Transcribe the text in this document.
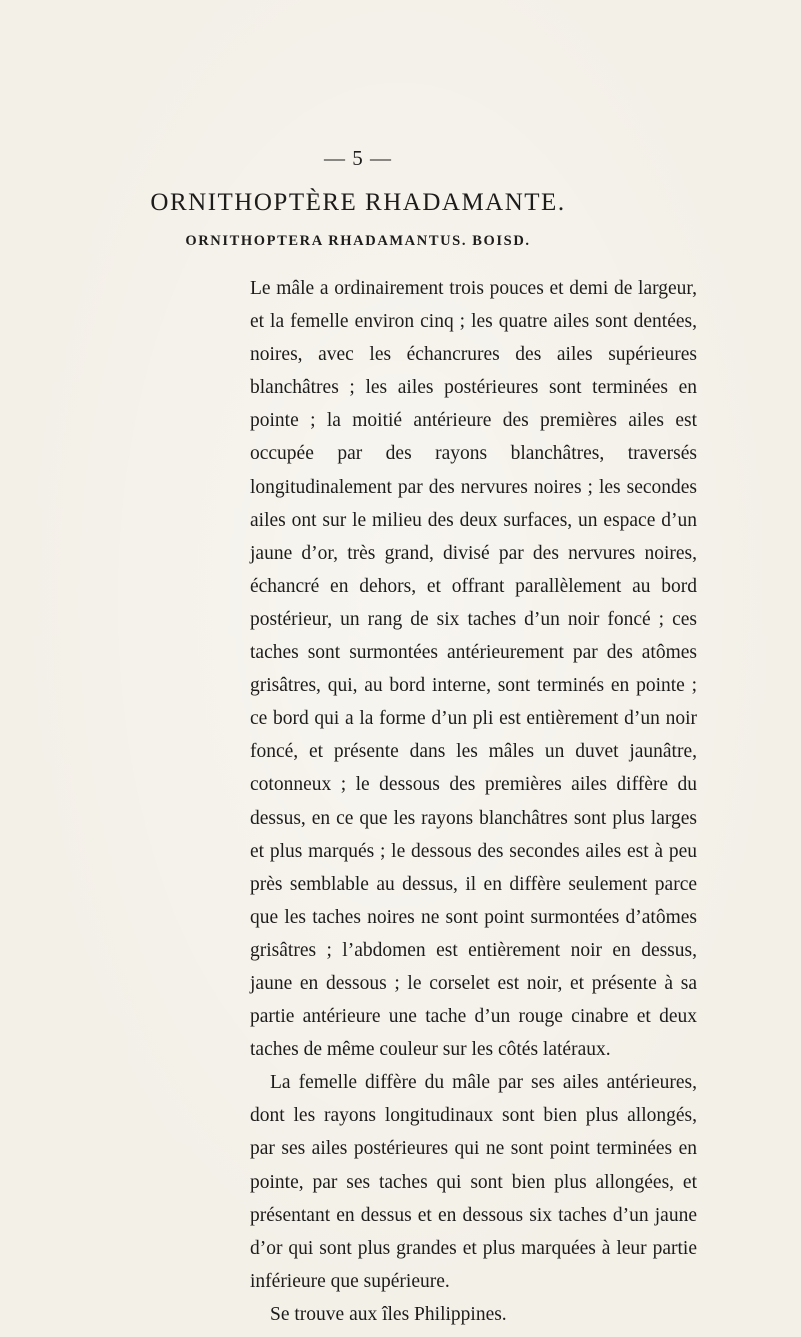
— 5 —
ORNITHOPTÈRE RHADAMANTE.
ORNITHOPTERA RHADAMANTUS. BOISD.

Le mâle a ordinairement trois pouces et demi de largeur, et la femelle environ cinq ; les quatre ailes sont dentées, noires, avec les échancrures des ailes supérieures blanchâtres ; les ailes postérieures sont terminées en pointe ; la moitié antérieure des premières ailes est occupée par des rayons blanchâtres, traversés longitudinalement par des nervures noires ; les secondes ailes ont sur le milieu des deux surfaces, un espace d’un jaune d’or, très grand, divisé par des nervures noires, échancré en dehors, et offrant parallèlement au bord postérieur, un rang de six taches d’un noir foncé ; ces taches sont surmontées antérieurement par des atômes grisâtres, qui, au bord interne, sont terminés en pointe ; ce bord qui a la forme d’un pli est entièrement d’un noir foncé, et présente dans les mâles un duvet jaunâtre, cotonneux ; le dessous des premières ailes diffère du dessus, en ce que les rayons blanchâtres sont plus larges et plus marqués ; le dessous des secondes ailes est à peu près semblable au dessus, il en diffère seulement parce que les taches noires ne sont point surmontées d’atômes grisâtres ; l’abdomen est entièrement noir en dessus, jaune en dessous ; le corselet est noir, et présente à sa partie antérieure une tache d’un rouge cinabre et deux taches de même couleur sur les côtés latéraux.

La femelle diffère du mâle par ses ailes antérieures, dont les rayons longitudinaux sont bien plus allongés, par ses ailes postérieures qui ne sont point terminées en pointe, par ses taches qui sont bien plus allongées, et présentant en dessus et en dessous six taches d’un jaune d’or qui sont plus grandes et plus marquées à leur partie inférieure que supérieure.

Se trouve aux îles Philippines.
